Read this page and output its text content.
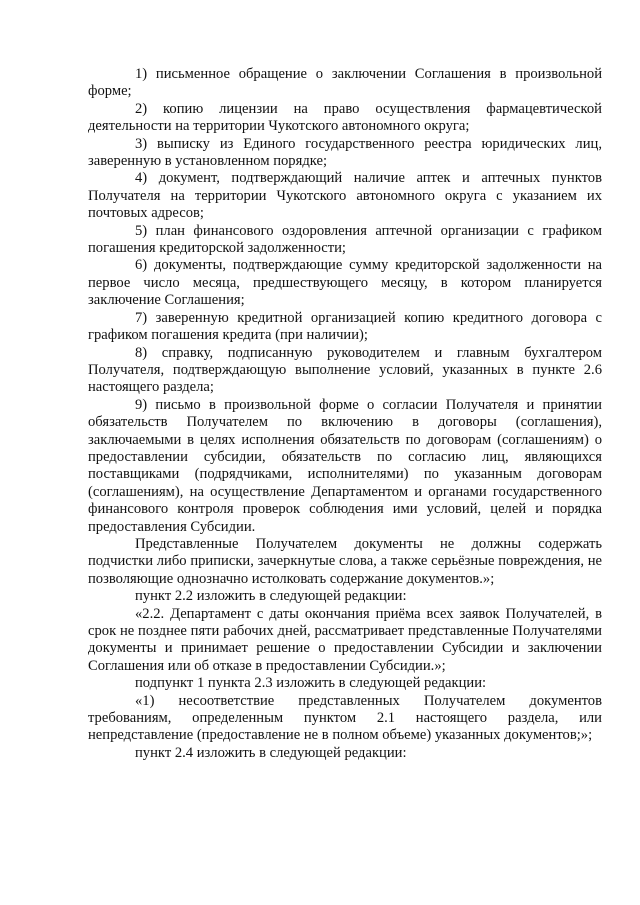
1) письменное обращение о заключении Соглашения в произвольной форме;

2) копию лицензии на право осуществления фармацевтической деятельности на территории Чукотского автономного округа;

3) выписку из Единого государственного реестра юридических лиц, заверенную в установленном порядке;

4) документ, подтверждающий наличие аптек и аптечных пунктов Получателя на территории Чукотского автономного округа с указанием их почтовых адресов;

5) план финансового оздоровления аптечной организации с графиком погашения кредиторской задолженности;

6) документы, подтверждающие сумму кредиторской задолженности на первое число месяца, предшествующего месяцу, в котором планируется заключение Соглашения;

7) заверенную кредитной организацией копию кредитного договора с графиком погашения кредита (при наличии);

8) справку, подписанную руководителем и главным бухгалтером Получателя, подтверждающую выполнение условий, указанных в пункте 2.6 настоящего раздела;

9) письмо в произвольной форме о согласии Получателя и принятии обязательств Получателем по включению в договоры (соглашения), заключаемыми в целях исполнения обязательств по договорам (соглашениям) о предоставлении субсидии, обязательств по согласию лиц, являющихся поставщиками (подрядчиками, исполнителями) по указанным договорам (соглашениям), на осуществление Департаментом и органами государственного финансового контроля проверок соблюдения ими условий, целей и порядка предоставления Субсидии.

Представленные Получателем документы не должны содержать подчистки либо приписки, зачеркнутые слова, а также серьёзные повреждения, не позволяющие однозначно истолковать содержание документов.»;

пункт 2.2 изложить в следующей редакции:

«2.2. Департамент с даты окончания приёма всех заявок Получателей, в срок не позднее пяти рабочих дней, рассматривает представленные Получателями документы и принимает решение о предоставлении Субсидии и заключении Соглашения или об отказе в предоставлении Субсидии.»;

подпункт 1 пункта 2.3 изложить в следующей редакции:

«1) несоответствие представленных Получателем документов требованиям, определенным пунктом 2.1 настоящего раздела, или непредставление (предоставление не в полном объеме) указанных документов;»;

пункт 2.4 изложить в следующей редакции:
